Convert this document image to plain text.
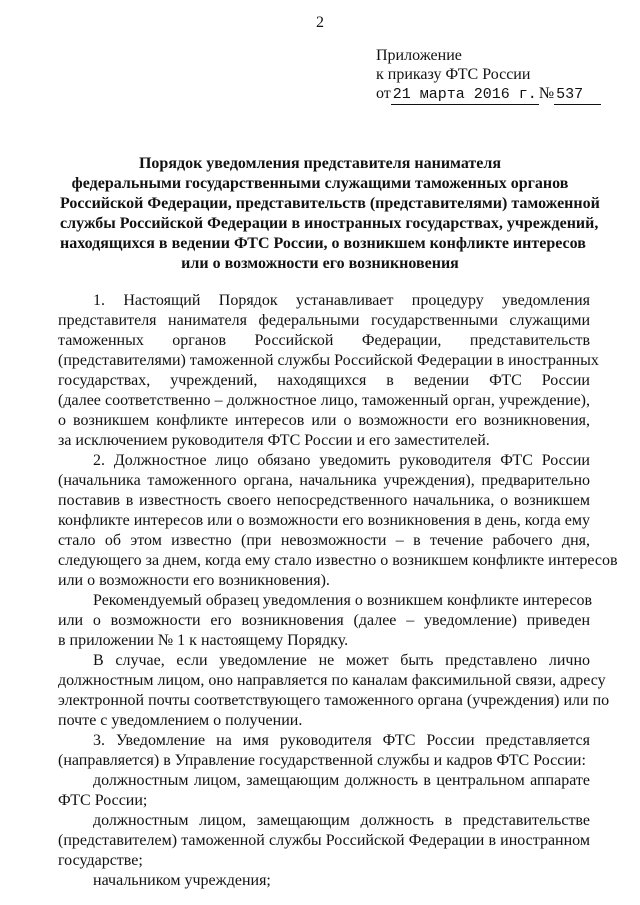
2
Приложение
к приказу ФТС России
от 21 марта 2016 г. № 537
Порядок уведомления представителя нанимателя
федеральными государственными служащими таможенных органов
Российской Федерации, представительств (представителями) таможенной
службы Российской Федерации в иностранных государствах, учреждений,
находящихся в ведении ФТС России, о возникшем конфликте интересов
или о возможности его возникновения
1. Настоящий Порядок устанавливает процедуру уведомления
представителя нанимателя федеральными государственными служащими
таможенных органов Российской Федерации, представительств
(представителями) таможенной службы Российской Федерации в иностранных
государствах, учреждений, находящихся в ведении ФТС России
(далее соответственно – должностное лицо, таможенный орган, учреждение),
о возникшем конфликте интересов или о возможности его возникновения,
за исключением руководителя ФТС России и его заместителей.
2. Должностное лицо обязано уведомить руководителя ФТС России
(начальника таможенного органа, начальника учреждения), предварительно
поставив в известность своего непосредственного начальника, о возникшем
конфликте интересов или о возможности его возникновения в день, когда ему
стало об этом известно (при невозможности – в течение рабочего дня,
следующего за днем, когда ему стало известно о возникшем конфликте интересов
или о возможности его возникновения).
Рекомендуемый образец уведомления о возникшем конфликте интересов
или о возможности его возникновения (далее – уведомление) приведен
в приложении № 1 к настоящему Порядку.
В случае, если уведомление не может быть представлено лично
должностным лицом, оно направляется по каналам факсимильной связи, адресу
электронной почты соответствующего таможенного органа (учреждения) или по
почте с уведомлением о получении.
3. Уведомление на имя руководителя ФТС России представляется
(направляется) в Управление государственной службы и кадров ФТС России:
должностным лицом, замещающим должность в центральном аппарате
ФТС России;
должностным лицом, замещающим должность в представительстве
(представителем) таможенной службы Российской Федерации в иностранном
государстве;
начальником учреждения;
